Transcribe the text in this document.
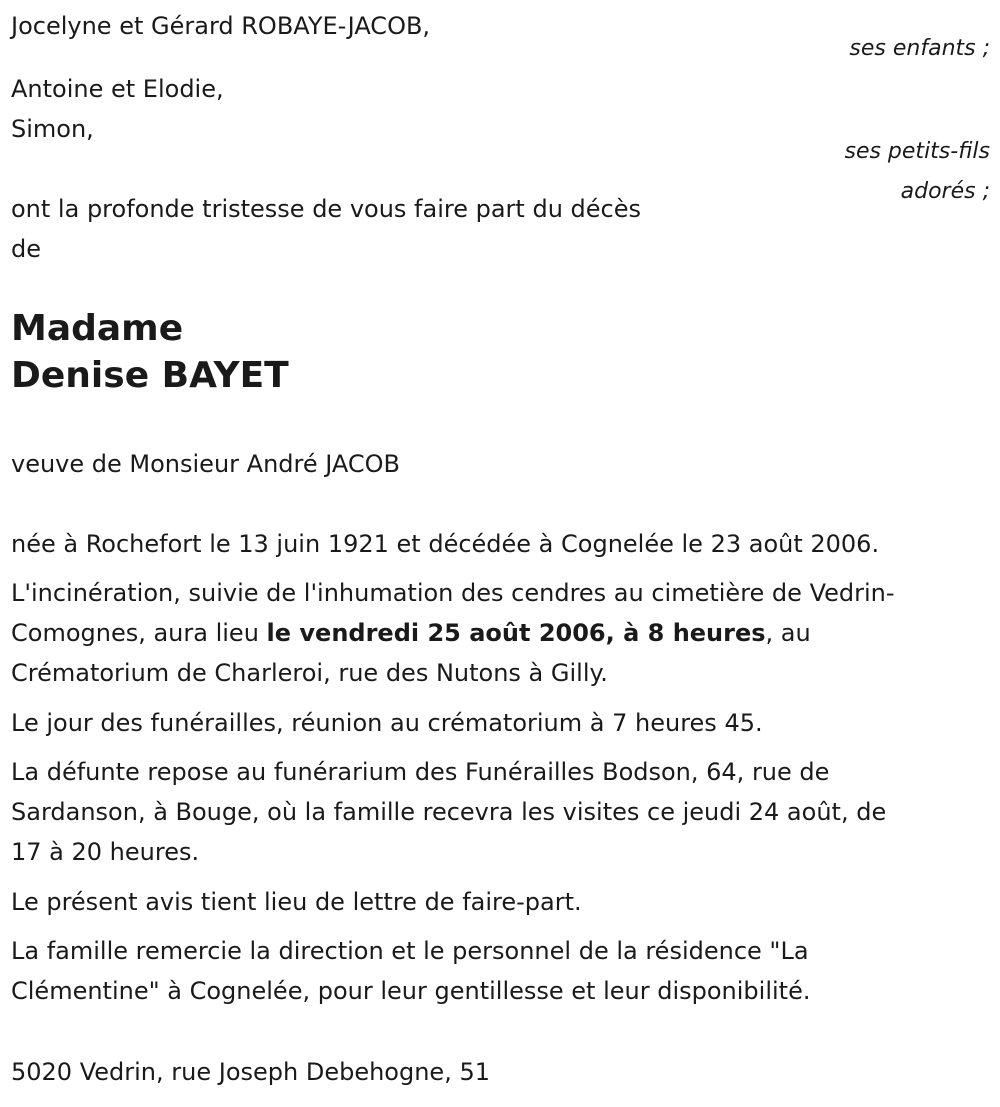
Jocelyne et Gérard ROBAYE-JACOB,

ses enfants ;

Antoine et Elodie,

Simon,

ses petits-fils

adorés ;

ont la profonde tristesse de vous faire part du décès

de

Madame
Denise BAYET

veuve de Monsieur André JACOB

née à Rochefort le 13 juin 1921 et décédée à Cognelée le 23 août 2006.

L'incinération, suivie de l'inhumation des cendres au cimetière de Vedrin-

Comognes, aura lieu le vendredi 25 août 2006, à 8 heures, au

Crématorium de Charleroi, rue des Nutons à Gilly.

Le jour des funérailles, réunion au crématorium à 7 heures 45.

La défunte repose au funérarium des Funérailles Bodson, 64, rue de

Sardanson, à Bouge, où la famille recevra les visites ce jeudi 24 août, de

17 à 20 heures.

Le présent avis tient lieu de lettre de faire-part.

La famille remercie la direction et le personnel de la résidence "La

Clémentine" à Cognelée, pour leur gentillesse et leur disponibilité.

5020 Vedrin, rue Joseph Debehogne, 51
